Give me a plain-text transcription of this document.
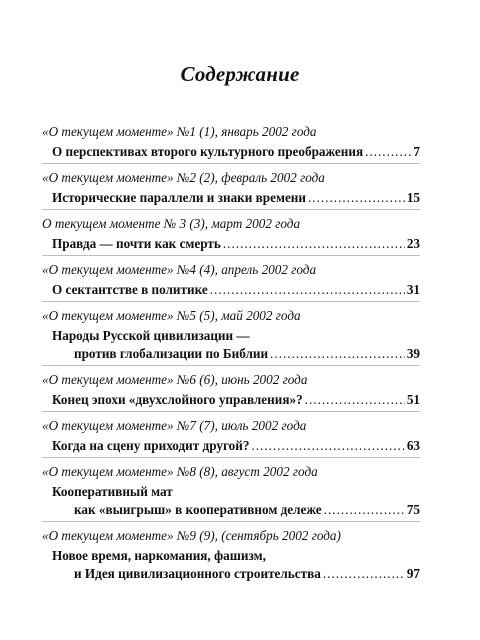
Содержание
«О текущем моменте» №1 (1), январь 2002 года
О перспективах второго культурного преображения .....	7
«О текущем моменте» №2 (2), февраль 2002 года
Исторические параллели и знаки времени .....	15
О текущем моменте № 3 (3), март 2002 года
Правда — почти как смерть .....	23
«О текущем моменте» №4 (4), апрель 2002 года
О сектантстве в политике .....	31
«О текущем моменте» №5 (5), май 2002 года
Народы Русской цивилизации —
против глобализации по Библии .....	39
«О текущем моменте» №6 (6), июнь 2002 года
Конец эпохи «двухслойного управления»? .....	51
«О текущем моменте» №7 (7), июль 2002 года
Когда на сцену приходит другой? .....	63
«О текущем моменте» №8 (8), август 2002 года
Кооперативный мат
как «выигрыш» в кооперативном дележе .....	75
«О текущем моменте» №9 (9), (сентябрь 2002 года)
Новое время, наркомания, фашизм,
и Идея цивилизационного строительства .....	97
